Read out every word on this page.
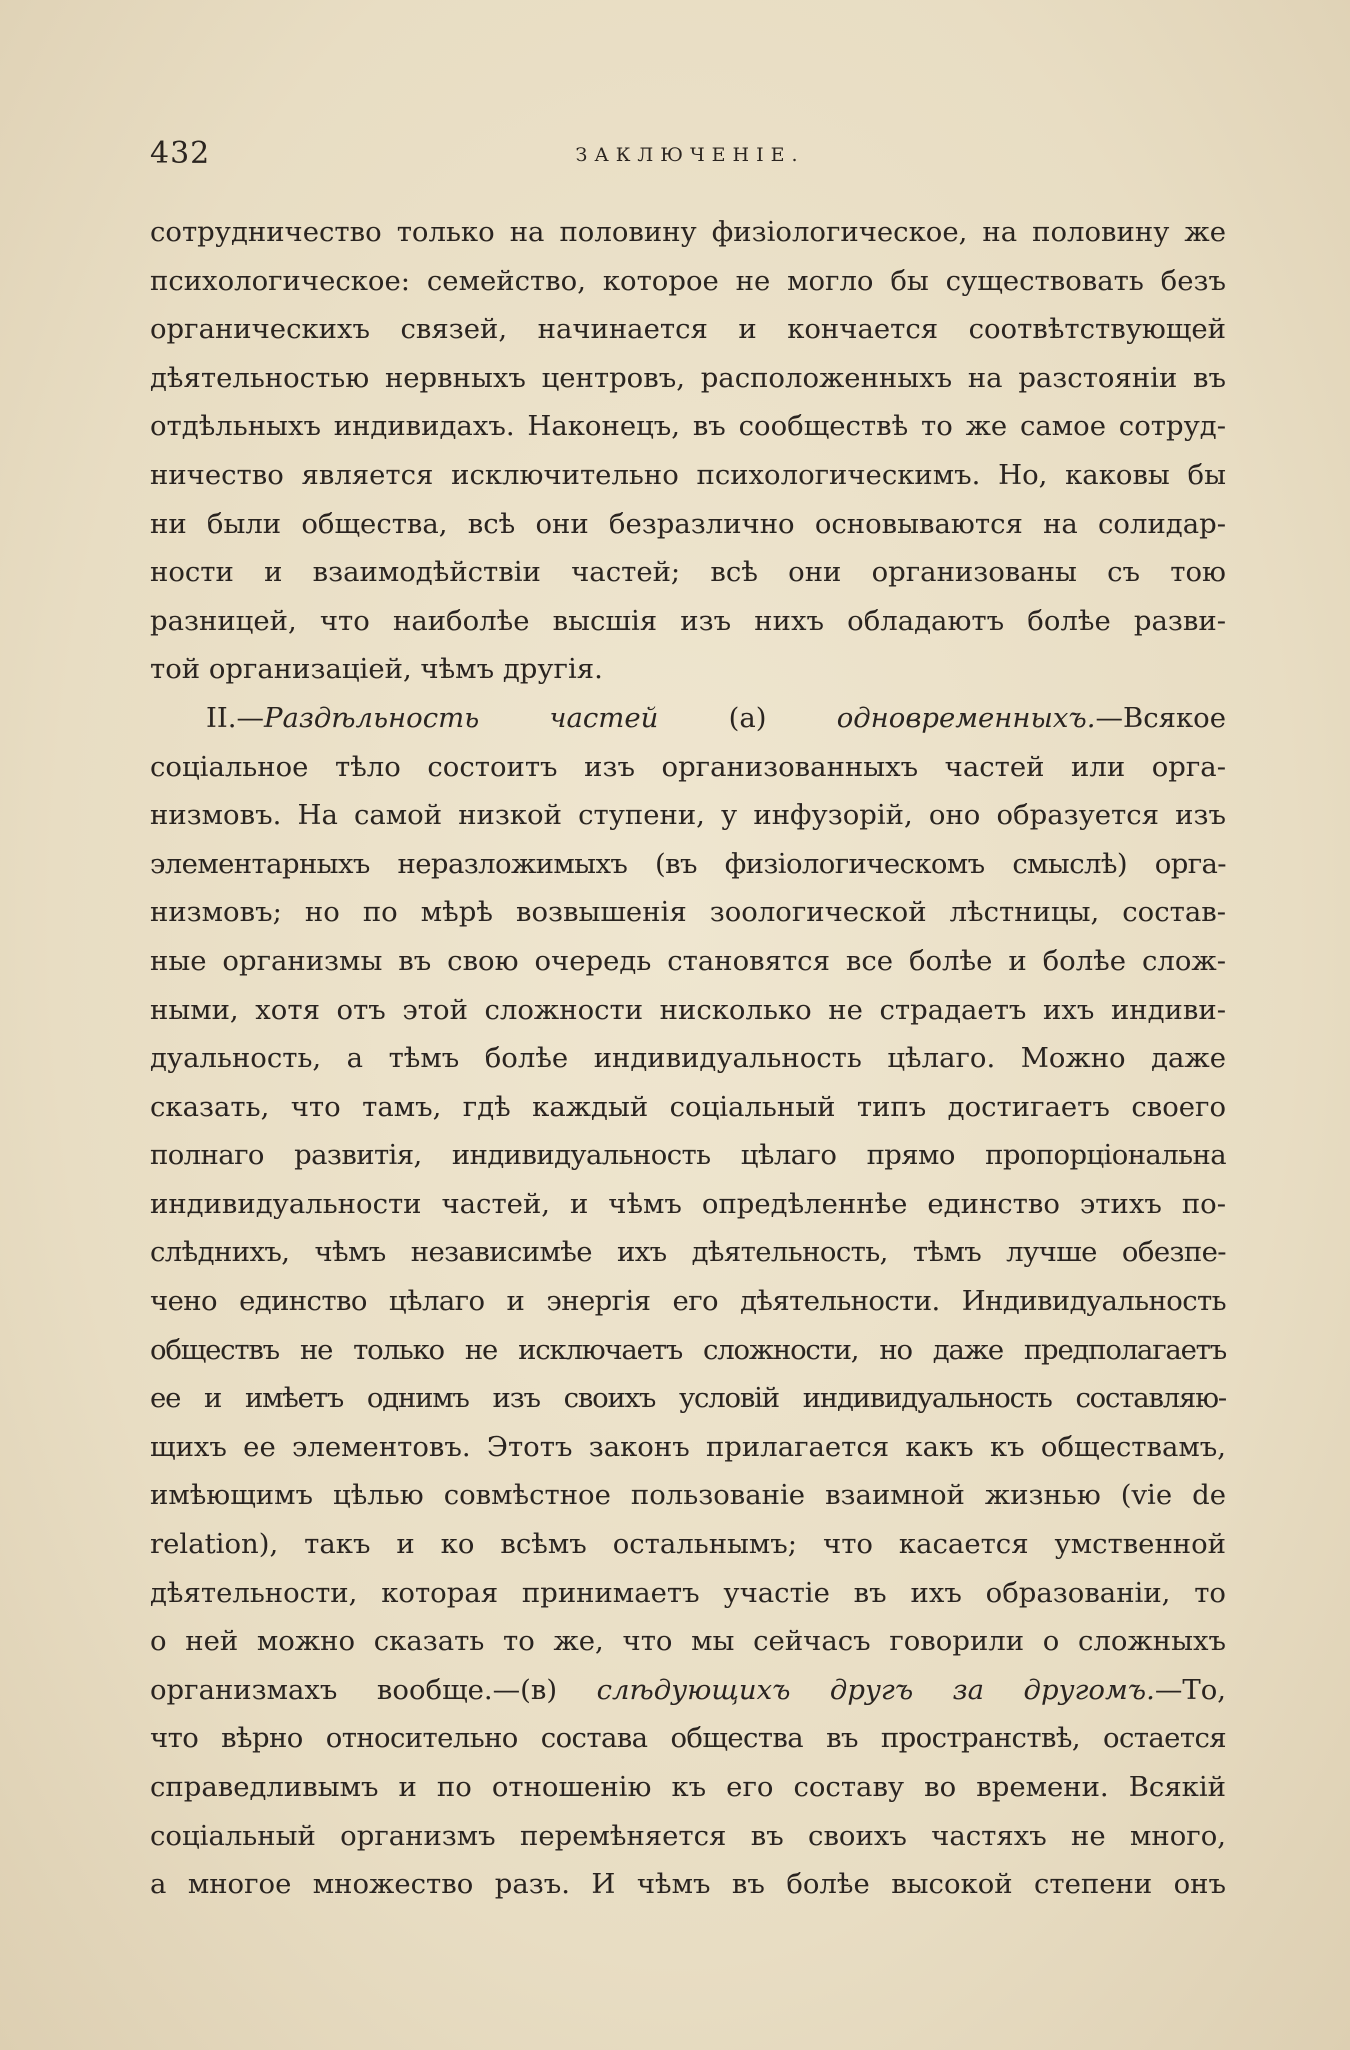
432	ЗАКЛЮЧЕНІЕ.
сотрудничество только на половину физіологическое, на половину же
психологическое: семейство, которое не могло бы существовать безъ
органическихъ связей, начинается и кончается соотвѣтствующей
дѣятельностью нервныхъ центровъ, расположенныхъ на разстояніи въ
отдѣльныхъ индивидахъ. Наконецъ, въ сообществѣ то же самое сотруд-
ничество является исключительно психологическимъ. Но, каковы бы
ни были общества, всѣ они безразлично основываются на солидар-
ности и взаимодѣйствіи частей; всѣ они организованы съ тою
разницей, что наиболѣе высшія изъ нихъ обладаютъ болѣе разви-
той организаціей, чѣмъ другія.
II.—Раздѣльность частей (а) одновременныхъ.—Всякое
соціальное тѣло состоитъ изъ организованныхъ частей или орга-
низмовъ. На самой низкой ступени, у инфузорій, оно образуется изъ
элементарныхъ неразложимыхъ (въ физіологическомъ смыслѣ) орга-
низмовъ; но по мѣрѣ возвышенія зоологической лѣстницы, состав-
ные организмы въ свою очередь становятся все болѣе и болѣе слож-
ными, хотя отъ этой сложности нисколько не страдаетъ ихъ индиви-
дуальность, а тѣмъ болѣе индивидуальность цѣлаго. Можно даже
сказать, что тамъ, гдѣ каждый соціальный типъ достигаетъ своего
полнаго развитія, индивидуальность цѣлаго прямо пропорціональна
индивидуальности частей, и чѣмъ опредѣленнѣе единство этихъ по-
слѣднихъ, чѣмъ независимѣе ихъ дѣятельность, тѣмъ лучше обезпе-
чено единство цѣлаго и энергія его дѣятельности. Индивидуальность
обществъ не только не исключаетъ сложности, но даже предполагаетъ
ее и имѣетъ однимъ изъ своихъ условій индивидуальность составляю-
щихъ ее элементовъ. Этотъ законъ прилагается какъ къ обществамъ,
имѣющимъ цѣлью совмѣстное пользованіе взаимной жизнью (vie de
relation), такъ и ко всѣмъ остальнымъ; что касается умственной
дѣятельности, которая принимаетъ участіе въ ихъ образованіи, то
о ней можно сказать то же, что мы сейчасъ говорили о сложныхъ
организмахъ вообще.—(в) слѣдующихъ другъ за другомъ.—То,
что вѣрно относительно состава общества въ пространствѣ, остается
справедливымъ и по отношенію къ его составу во времени. Всякій
соціальный организмъ перемѣняется въ своихъ частяхъ не много,
а многое множество разъ. И чѣмъ въ болѣе высокой степени онъ
